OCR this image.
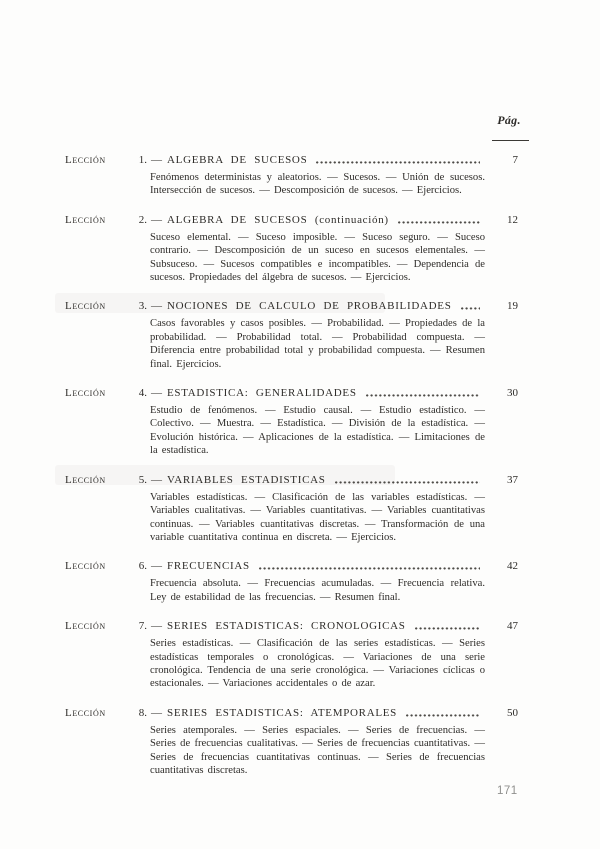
Pág.
Lección	1. — ALGEBRA DE SUCESOS	7

Fenómenos deterministas y aleatorios. — Sucesos. — Unión de sucesos. Intersección de sucesos. — Descomposición de sucesos. — Ejercicios.

Lección	2. — ALGEBRA DE SUCESOS (continuación)	12

Suceso elemental. — Suceso imposible. — Suceso seguro. — Suceso contrario. — Descomposición de un suceso en sucesos elementales. — Subsuceso. — Sucesos compatibles e incompatibles. — Dependencia de sucesos. Propiedades del álgebra de sucesos. — Ejercicios.

Lección	3. — NOCIONES DE CALCULO DE PROBABILIDADES	19

Casos favorables y casos posibles. — Probabilidad. — Propiedades de la probabilidad. — Probabilidad total. — Probabilidad compuesta. — Diferencia entre probabilidad total y probabilidad compuesta. — Resumen final. Ejercicios.

Lección	4. — ESTADISTICA: GENERALIDADES	30

Estudio de fenómenos. — Estudio causal. — Estudio estadístico. — Colectivo. — Muestra. — Estadística. — División de la estadística. — Evolución histórica. — Aplicaciones de la estadística. — Limitaciones de la estadística.

Lección	5. — VARIABLES ESTADISTICAS	37

Variables estadísticas. — Clasificación de las variables estadísticas. — Variables cualitativas. — Variables cuantitativas. — Variables cuantitativas continuas. — Variables cuantitativas discretas. — Transformación de una variable cuantitativa continua en discreta. — Ejercicios.

Lección	6. — FRECUENCIAS	42

Frecuencia absoluta. — Frecuencias acumuladas. — Frecuencia relativa. Ley de estabilidad de las frecuencias. — Resumen final.

Lección	7. — SERIES ESTADISTICAS: CRONOLOGICAS	47

Series estadísticas. — Clasificación de las series estadísticas. — Series estadísticas temporales o cronológicas. — Variaciones de una serie cronológica. Tendencia de una serie cronológica. — Variaciones cíclicas o estacionales. — Variaciones accidentales o de azar.

Lección	8. — SERIES ESTADISTICAS: ATEMPORALES	50

Series atemporales. — Series espaciales. — Series de frecuencias. — Series de frecuencias cualitativas. — Series de frecuencias cuantitativas. — Series de frecuencias cuantitativas continuas. — Series de frecuencias cuantitativas discretas.

171
